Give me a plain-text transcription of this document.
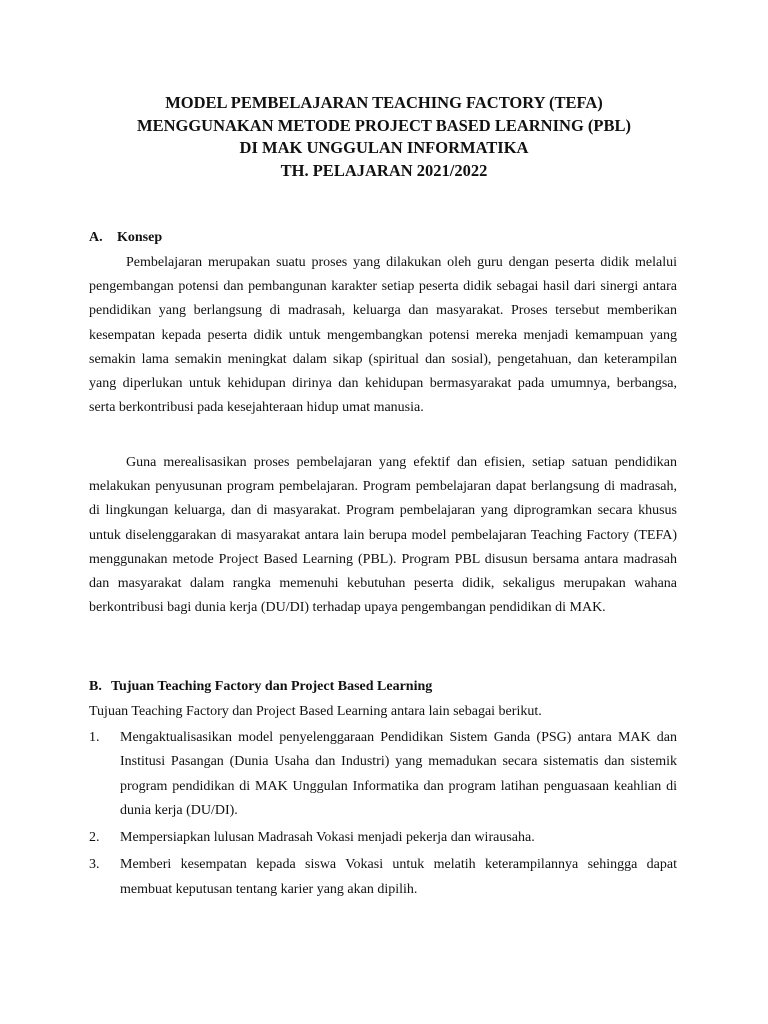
MODEL PEMBELAJARAN TEACHING FACTORY (TEFA)
MENGGUNAKAN METODE PROJECT BASED LEARNING (PBL)
DI MAK UNGGULAN INFORMATIKA
TH. PELAJARAN 2021/2022
A. Konsep

Pembelajaran merupakan suatu proses yang dilakukan oleh guru dengan peserta didik melalui pengembangan potensi dan pembangunan karakter setiap peserta didik sebagai hasil dari sinergi antara pendidikan yang berlangsung di madrasah, keluarga dan masyarakat. Proses tersebut memberikan kesempatan kepada peserta didik untuk mengembangkan potensi mereka menjadi kemampuan yang semakin lama semakin meningkat dalam sikap (spiritual dan sosial), pengetahuan, dan keterampilan yang diperlukan untuk kehidupan dirinya dan kehidupan bermasyarakat pada umumnya, berbangsa, serta berkontribusi pada kesejahteraan hidup umat manusia.

Guna merealisasikan proses pembelajaran yang efektif dan efisien, setiap satuan pendidikan melakukan penyusunan program pembelajaran. Program pembelajaran dapat berlangsung di madrasah, di lingkungan keluarga, dan di masyarakat. Program pembelajaran yang diprogramkan secara khusus untuk diselenggarakan di masyarakat antara lain berupa model pembelajaran Teaching Factory (TEFA) menggunakan metode Project Based Learning (PBL). Program PBL disusun bersama antara madrasah dan masyarakat dalam rangka memenuhi kebutuhan peserta didik, sekaligus merupakan wahana berkontribusi bagi dunia kerja (DU/DI) terhadap upaya pengembangan pendidikan di MAK.

B. Tujuan Teaching Factory dan Project Based Learning
Tujuan Teaching Factory dan Project Based Learning antara lain sebagai berikut.
1. Mengaktualisasikan model penyelenggaraan Pendidikan Sistem Ganda (PSG) antara MAK dan Institusi Pasangan (Dunia Usaha dan Industri) yang memadukan secara sistematis dan sistemik program pendidikan di MAK Unggulan Informatika dan program latihan penguasaan keahlian di dunia kerja (DU/DI).
2. Mempersiapkan lulusan Madrasah Vokasi menjadi pekerja dan wirausaha.
3. Memberi kesempatan kepada siswa Vokasi untuk melatih keterampilannya sehingga dapat membuat keputusan tentang karier yang akan dipilih.
